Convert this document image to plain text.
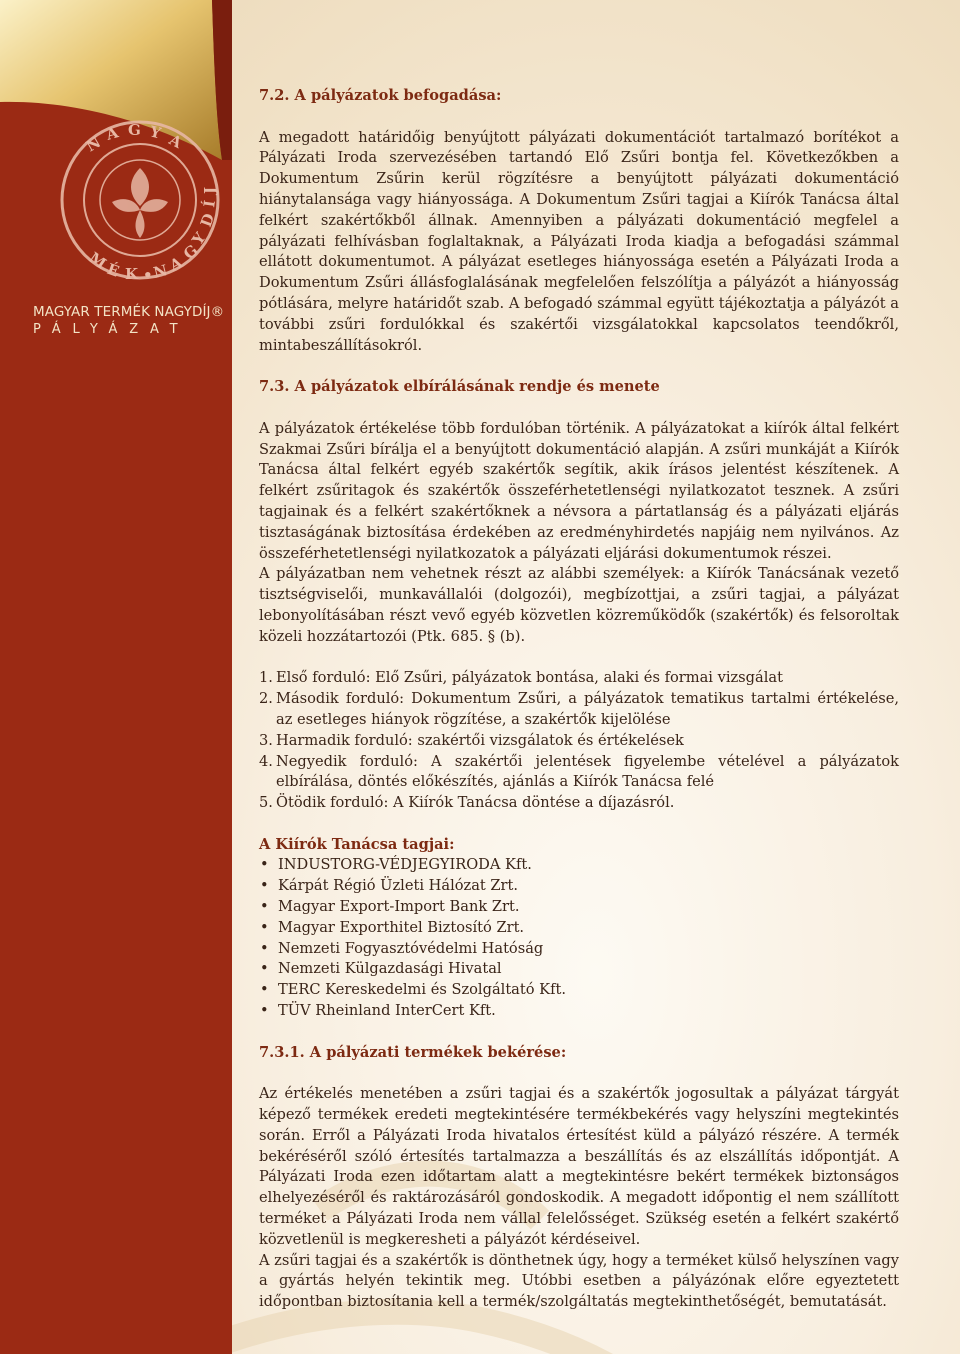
N A G Y A
M
É K • N
A
G
Y
D
Í
J
MAGYAR TERMÉK NAGYDÍJ®
PÁLYÁZAT

7.2. A pályázatok befogadása:

A megadott határidőig benyújtott pályázati dokumentációt tartalmazó borítékot a Pályázati Iroda szervezésében tartandó Elő Zsűri bontja fel. Következőkben a Dokumentum Zsűrin kerül rögzítésre a benyújtott pályázati dokumentáció hiánytalansága vagy hiányossága. A Dokumentum Zsűri tagjai a Kiírók Tanácsa által felkért szakértőkből állnak. Amennyiben a pályázati dokumentáció megfelel a pályázati felhívásban foglaltaknak, a Pályázati Iroda kiadja a befogadási számmal ellátott dokumentumot. A pályázat esetleges hiányossága esetén a Pályázati Iroda a Dokumentum Zsűri állásfoglalásának megfelelően felszólítja a pályázót a hiányosság pótlására, melyre határidőt szab. A befogadó számmal együtt tájékoztatja a pályázót a további zsűri fordulókkal és szakértői vizsgálatokkal kapcsolatos teendőkről, mintabeszállításokról.

7.3. A pályázatok elbírálásának rendje és menete

A pályázatok értékelése több fordulóban történik. A pályázatokat a kiírók által felkért Szakmai Zsűri bírálja el a benyújtott dokumentáció alapján. A zsűri munkáját a Kiírók Tanácsa által felkért egyéb szakértők segítik, akik írásos jelentést készítenek. A felkért zsűritagok és szakértők összeférhetetlenségi nyilatkozatot tesznek. A zsűri tagjainak és a felkért szakértőknek a névsora a pártatlanság és a pályázati eljárás tisztaságának biztosítása érdekében az eredményhirdetés napjáig nem nyilvános. Az összeférhetetlenségi nyilatkozatok a pályázati eljárási dokumentumok részei.

A pályázatban nem vehetnek részt az alábbi személyek: a Kiírók Tanácsának vezető tisztségviselői, munkavállalói (dolgozói), megbízottjai, a zsűri tagjai, a pályázat lebonyolításában részt vevő egyéb közvetlen közreműködők (szakértők) és felsoroltak közeli hozzátartozói (Ptk. 685. § (b).

1. Első forduló: Elő Zsűri, pályázatok bontása, alaki és formai vizsgálat
2. Második forduló: Dokumentum Zsűri, a pályázatok tematikus tartalmi értékelése, az esetleges hiányok rögzítése, a szakértők kijelölése
3. Harmadik forduló: szakértői vizsgálatok és értékelések
4. Negyedik forduló: A szakértői jelentések figyelembe vételével a pályázatok elbírálása, döntés előkészítés, ajánlás a Kiírók Tanácsa felé
5. Ötödik forduló: A Kiírók Tanácsa döntése a díjazásról.

A Kiírók Tanácsa tagjai:

• INDUSTORG-VÉDJEGYIRODA Kft.
• Kárpát Régió Üzleti Hálózat Zrt.
• Magyar Export-Import Bank Zrt.
• Magyar Exporthitel Biztosító Zrt.
• Nemzeti Fogyasztóvédelmi Hatóság
• Nemzeti Külgazdasági Hivatal
• TERC Kereskedelmi és Szolgáltató Kft.
• TÜV Rheinland InterCert Kft.

7.3.1. A pályázati termékek bekérése:

Az értékelés menetében a zsűri tagjai és a szakértők jogosultak a pályázat tárgyát képező termékek eredeti megtekintésére termékbekérés vagy helyszíni megtekintés során. Erről a Pályázati Iroda hivatalos értesítést küld a pályázó részére. A termék bekéréséről szóló értesítés tartalmazza a beszállítás és az elszállítás időpontját. A Pályázati Iroda ezen időtartam alatt a megtekintésre bekért termékek biztonságos elhelyezéséről és raktározásáról gondoskodik. A megadott időpontig el nem szállított terméket a Pályázati Iroda nem vállal felelősséget. Szükség esetén a felkért szakértő közvetlenül is megkeresheti a pályázót kérdéseivel.

A zsűri tagjai és a szakértők is dönthetnek úgy, hogy a terméket külső helyszínen vagy a gyártás helyén tekintik meg. Utóbbi esetben a pályázónak előre egyeztetett időpontban biztosítania kell a termék/szolgáltatás megtekinthetőségét, bemutatását.
